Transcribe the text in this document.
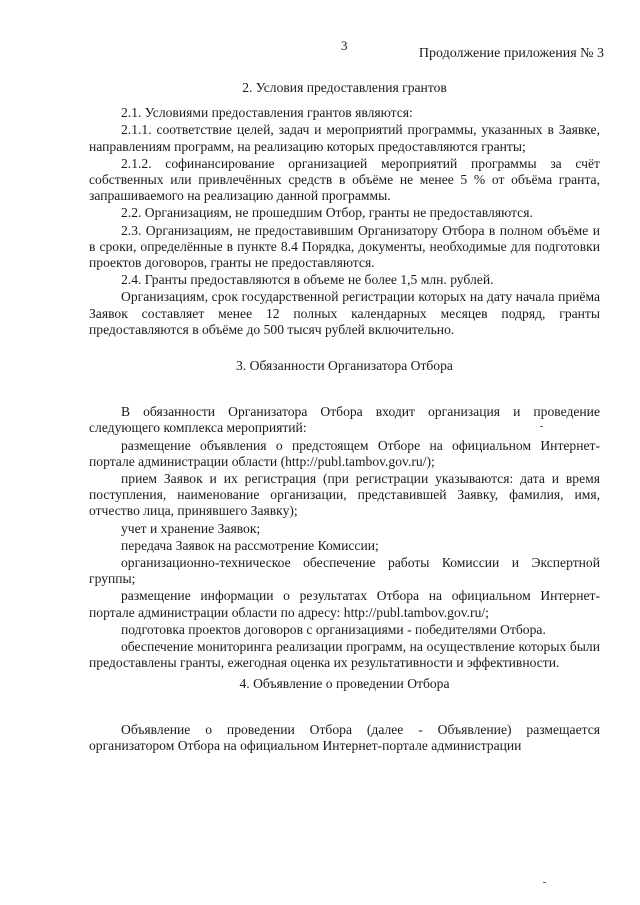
3
Продолжение приложения № 3
2. Условия предоставления грантов
2.1. Условиями предоставления грантов являются:
2.1.1. соответствие целей, задач и мероприятий программы, указанных в Заявке, направлениям программ, на реализацию которых предоставляются гранты;
2.1.2. софинансирование организацией мероприятий программы за счёт собственных или привлечённых средств в объёме не менее 5 % от объёма гранта, запрашиваемого на реализацию данной программы.
2.2. Организациям, не прошедшим Отбор, гранты не предоставляются.
2.3. Организациям, не предоставившим Организатору Отбора в полном объёме и в сроки, определённые в пункте 8.4 Порядка, документы, необходимые для подготовки проектов договоров, гранты не предоставляются.
2.4. Гранты предоставляются в объеме не более 1,5 млн. рублей.
Организациям, срок государственной регистрации которых на дату начала приёма Заявок составляет менее 12 полных календарных месяцев подряд, гранты предоставляются в объёме до 500 тысяч рублей включительно.
3. Обязанности Организатора Отбора
В обязанности Организатора Отбора входит организация и проведение следующего комплекса мероприятий:
размещение объявления о предстоящем Отборе на официальном Интернет-портале администрации области (http://publ.tambov.gov.ru/);
прием Заявок и их регистрация (при регистрации указываются: дата и время поступления, наименование организации, представившей Заявку, фамилия, имя, отчество лица, принявшего Заявку);
учет и хранение Заявок;
передача Заявок на рассмотрение Комиссии;
организационно-техническое обеспечение работы Комиссии и Экспертной группы;
размещение информации о результатах Отбора на официальном Интернет-портале администрации области по адресу: http://publ.tambov.gov.ru/;
подготовка проектов договоров с организациями - победителями Отбора.
обеспечение мониторинга реализации программ, на осуществление которых были предоставлены гранты, ежегодная оценка их результативности и эффективности.
4. Объявление о проведении Отбора
Объявление о проведении Отбора (далее - Объявление) размещается организатором Отбора на официальном Интернет-портале администрации
